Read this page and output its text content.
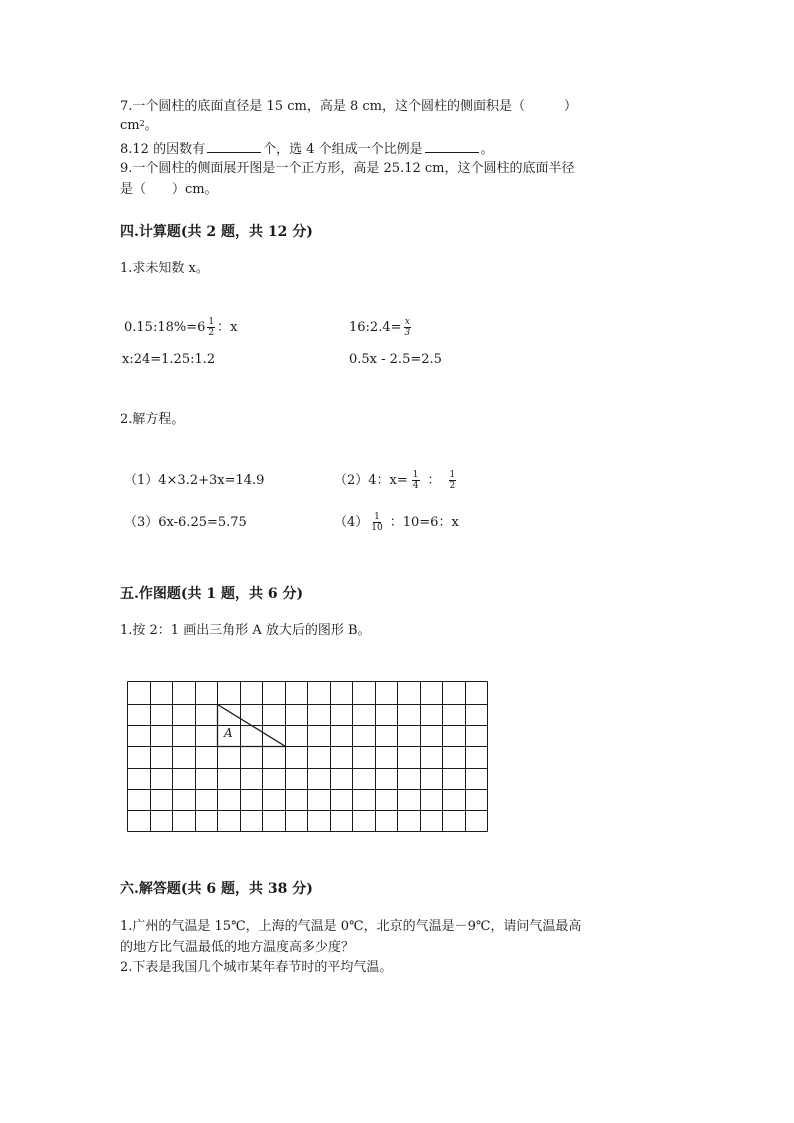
7.一个圆柱的底面直径是 15 cm，高是 8 cm，这个圆柱的侧面积是（　　　）
$cm^2$。
8.12 的因数有	个，选 4 个组成一个比例是	。
9.一个圆柱的侧面展开图是一个正方形，高是 25.12 cm，这个圆柱的底面半径
是（　　）cm。
四.计算题(共 2 题，共 12 分)
1.求未知数 x。
0.15:18%=6 $\frac{1}{2}$ ：x	16:2.4= $\frac{x}{3}$
x:24=1.25:1.2	0.5x - 2.5=2.5
2.解方程。
（1）4×3.2+3x=14.9	（2）4：$x= \frac{1}{4}$ ： $\frac{1}{2}$
（3）6x-6.25=5.75	$(4) \frac{1}{10}$ ：10=6：x
五.作图题(共 1 题，共 6 分)
1.按 2：1 画出三角形 A 放大后的图形 B。
A
六.解答题(共 6 题，共 38 分)
1.广州的气温是 15℃，上海的气温是 0℃，北京的气温是－9℃，请问气温最高
的地方比气温最低的地方温度高多少度？
2.下表是我国几个城市某年春节时的平均气温。
